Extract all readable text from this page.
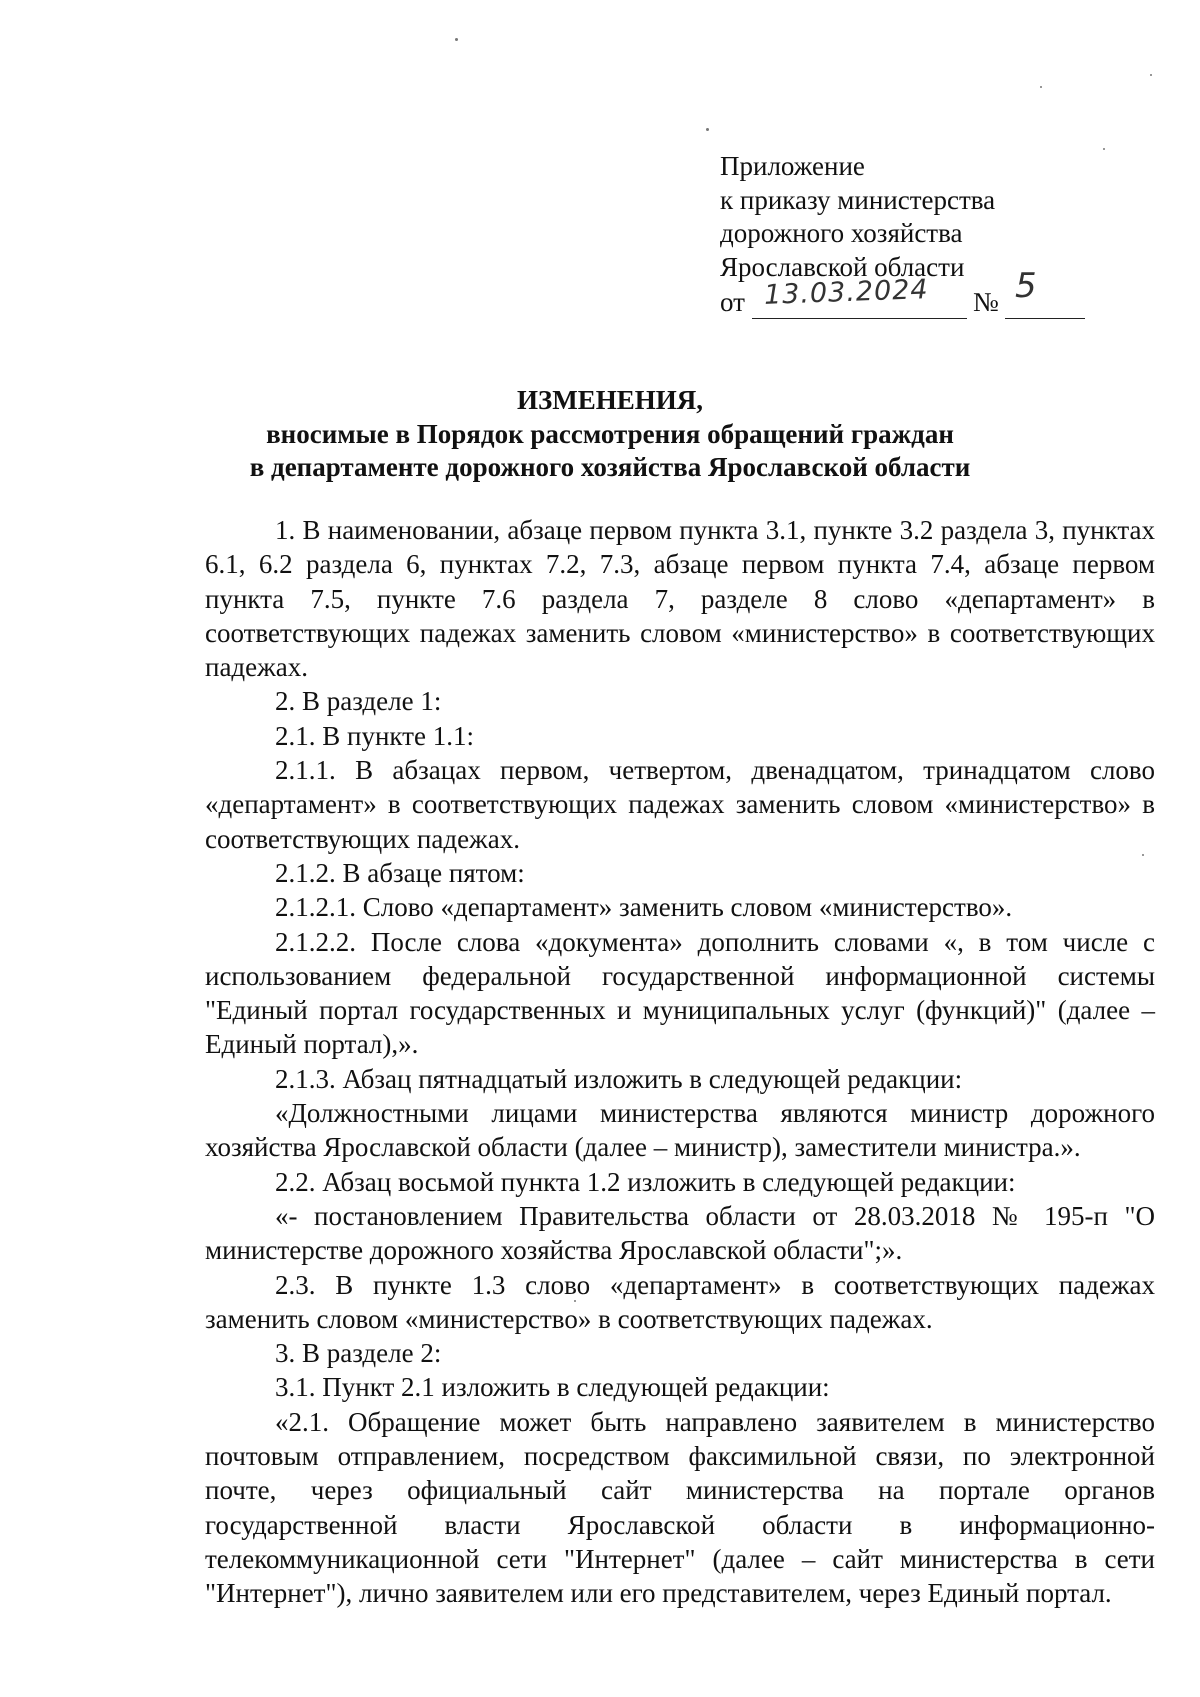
Приложение
к приказу министерства
дорожного хозяйства
Ярославской области
от 13.03.2024 № 5
ИЗМЕНЕНИЯ,
вносимые в Порядок рассмотрения обращений граждан
в департаменте дорожного хозяйства Ярославской области

1. В наименовании, абзаце первом пункта 3.1, пункте 3.2 раздела 3, пунктах 6.1, 6.2 раздела 6, пунктах 7.2, 7.3, абзаце первом пункта 7.4, абзаце первом пункта 7.5, пункте 7.6 раздела 7, разделе 8 слово «департамент» в соответствующих падежах заменить словом «министерство» в соответствующих падежах.

2. В разделе 1:

2.1. В пункте 1.1:

2.1.1. В абзацах первом, четвертом, двенадцатом, тринадцатом слово «департамент» в соответствующих падежах заменить словом «министерство» в соответствующих падежах.

2.1.2. В абзаце пятом:

2.1.2.1. Слово «департамент» заменить словом «министерство».

2.1.2.2. После слова «документа» дополнить словами «, в том числе с использованием федеральной государственной информационной системы "Единый портал государственных и муниципальных услуг (функций)" (далее – Единый портал),».

2.1.3. Абзац пятнадцатый изложить в следующей редакции:

«Должностными лицами министерства являются министр дорожного хозяйства Ярославской области (далее – министр), заместители министра.».

2.2. Абзац восьмой пункта 1.2 изложить в следующей редакции:

«- постановлением Правительства области от 28.03.2018 № 195-п "О министерстве дорожного хозяйства Ярославской области";».

2.3. В пункте 1.3 слово «департамент» в соответствующих падежах заменить словом «министерство» в соответствующих падежах.

3. В разделе 2:

3.1. Пункт 2.1 изложить в следующей редакции:

«2.1. Обращение может быть направлено заявителем в министерство почтовым отправлением, посредством факсимильной связи, по электронной почте, через официальный сайт министерства на портале органов государственной власти Ярославской области в информационно-телекоммуникационной сети "Интернет" (далее – сайт министерства в сети "Интернет"), лично заявителем или его представителем, через Единый портал.
